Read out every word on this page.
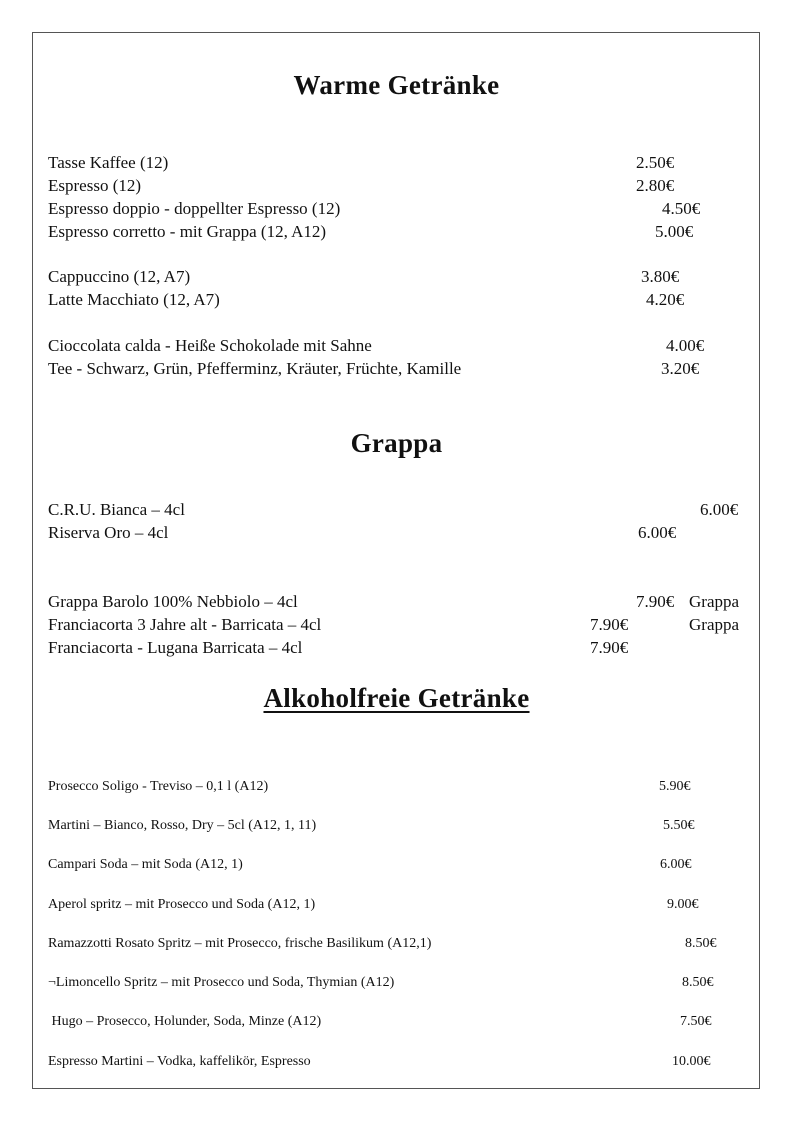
Warme Getränke
Tasse Kaffee (12)	2.50€
Espresso (12)	2.80€
Espresso doppio - doppellter Espresso (12)	4.50€
Espresso corretto - mit Grappa (12, A12)	5.00€
Cappuccino (12, A7)	3.80€
Latte Macchiato (12, A7)	4.20€
Cioccolata calda - Heiße Schokolade mit Sahne	4.00€
Tee - Schwarz, Grün, Pfefferminz, Kräuter, Früchte, Kamille	3.20€
Grappa
C.R.U. Bianca – 4cl	6.00€
Riserva Oro – 4cl	6.00€
Grappa Barolo 100% Nebbiolo – 4cl	7.90€ Grappa
Franciacorta 3 Jahre alt - Barricata – 4cl	7.90€	Grappa
Franciacorta - Lugana Barricata – 4cl	7.90€
Alkoholfreie Getränke
Prosecco Soligo - Treviso – 0,1 l (A12)	5.90€
Martini – Bianco, Rosso, Dry – 5cl (A12, 1, 11)	5.50€
Campari Soda – mit Soda (A12, 1)	6.00€
Aperol spritz – mit Prosecco und Soda (A12, 1)	9.00€
Ramazzotti Rosato Spritz – mit Prosecco, frische Basilikum (A12,1)	8.50€
¬Limoncello Spritz – mit Prosecco und Soda, Thymian (A12)	8.50€
Hugo – Prosecco, Holunder, Soda, Minze (A12)	7.50€
Espresso Martini – Vodka, kaffelikör, Espresso	10.00€
